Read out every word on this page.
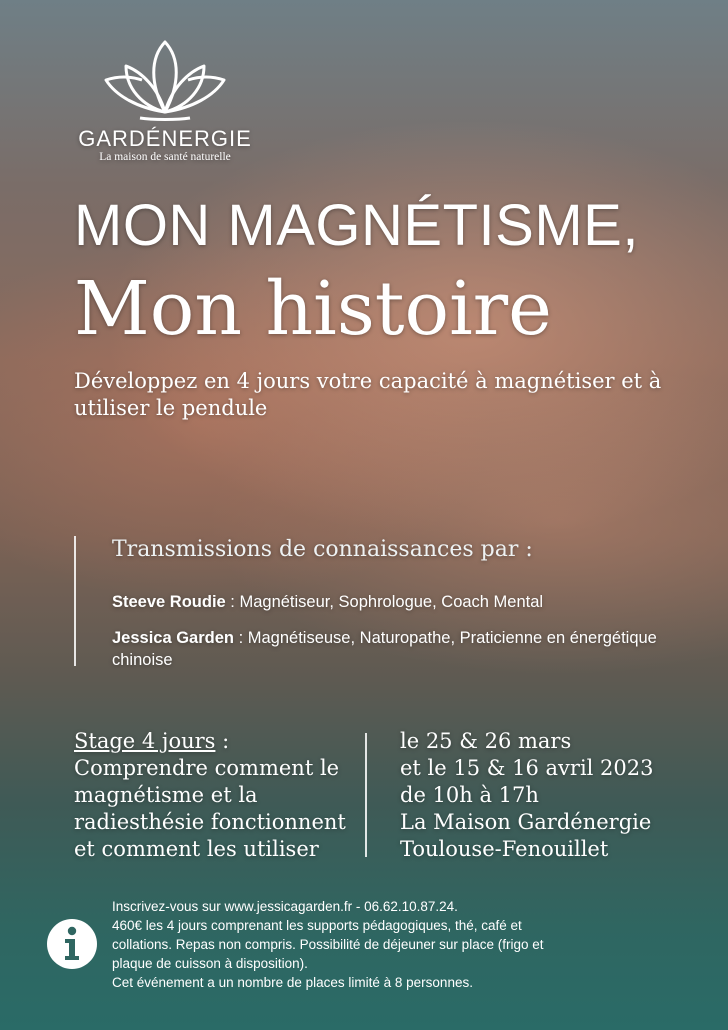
GARDÉNERGIE
La maison de santé naturelle
MON MAGNÉTISME,
Mon histoire
Développez en 4 jours votre capacité à magnétiser et à utiliser le pendule
Transmissions de connaissances par :
Steeve Roudie : Magnétiseur, Sophrologue, Coach Mental
Jessica Garden : Magnétiseuse, Naturopathe, Praticienne en énergétique chinoise
Stage 4 jours :
Comprendre comment le magnétisme et la radiesthésie fonctionnent et comment les utiliser
le 25 & 26 mars
et le 15 & 16 avril 2023
de 10h à 17h
La Maison Gardénergie
Toulouse-Fenouillet
Inscrivez-vous sur www.jessicagarden.fr - 06.62.10.87.24.
460€ les 4 jours comprenant les supports pédagogiques, thé, café et
collations. Repas non compris. Possibilité de déjeuner sur place (frigo et
plaque de cuisson à disposition).
Cet événement a un nombre de places limité à 8 personnes.
